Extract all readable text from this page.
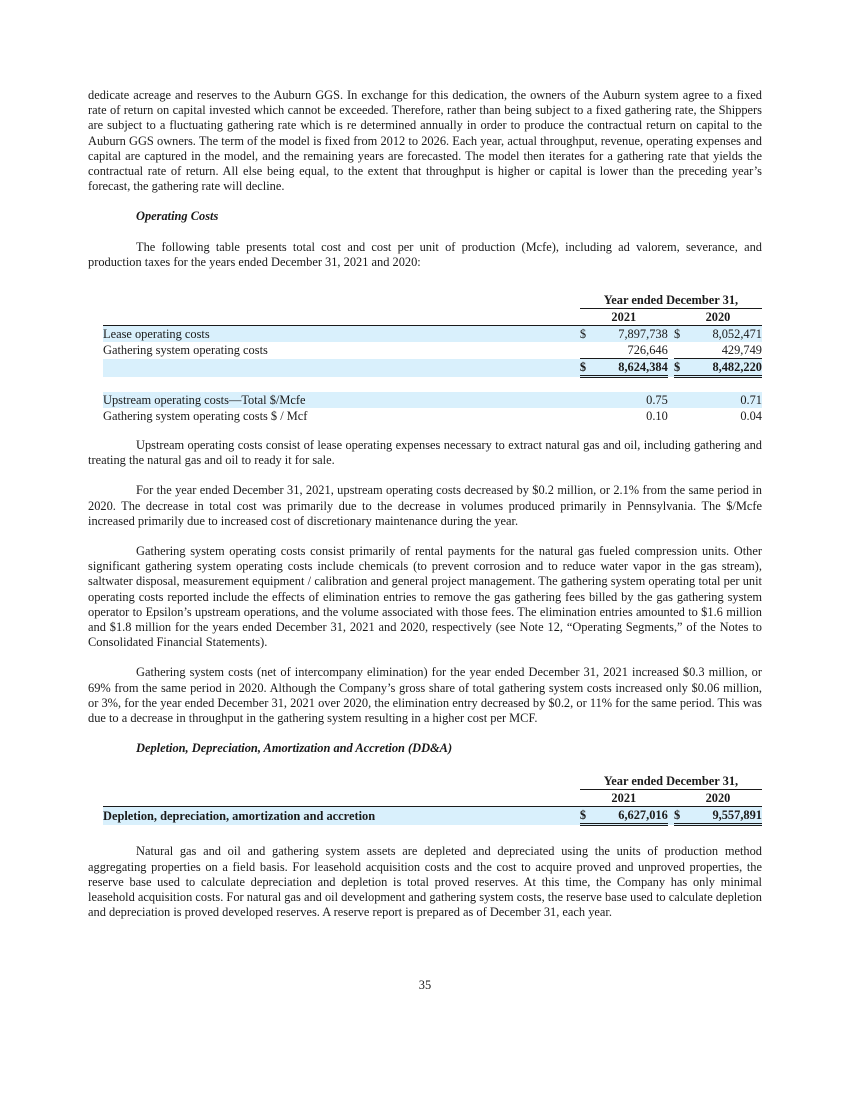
dedicate acreage and reserves to the Auburn GGS. In exchange for this dedication, the owners of the Auburn system agree to a fixed rate of return on capital invested which cannot be exceeded. Therefore, rather than being subject to a fixed gathering rate, the Shippers are subject to a fluctuating gathering rate which is re determined annually in order to produce the contractual return on capital to the Auburn GGS owners. The term of the model is fixed from 2012 to 2026. Each year, actual throughput, revenue, operating expenses and capital are captured in the model, and the remaining years are forecasted. The model then iterates for a gathering rate that yields the contractual rate of return. All else being equal, to the extent that throughput is higher or capital is lower than the preceding year’s forecast, the gathering rate will decline.

Operating Costs

The following table presents total cost and cost per unit of production (Mcfe), including ad valorem, severance, and production taxes for the years ended December 31, 2021 and 2020:

		Year ended December 31,				
		2021			2020	
Lease operating costs		$	7,897,738		$	8,052,471
Gathering system operating costs			726,646			429,749
		$	8,624,384		$	8,482,220

Upstream operating costs—Total $/Mcfe			0.75			0.71
Gathering system operating costs $ / Mcf			0.10			0.04

Upstream operating costs consist of lease operating expenses necessary to extract natural gas and oil, including gathering and treating the natural gas and oil to ready it for sale.

For the year ended December 31, 2021, upstream operating costs decreased by $0.2 million, or 2.1% from the same period in 2020. The decrease in total cost was primarily due to the decrease in volumes produced primarily in Pennsylvania. The $/Mcfe increased primarily due to increased cost of discretionary maintenance during the year.

Gathering system operating costs consist primarily of rental payments for the natural gas fueled compression units. Other significant gathering system operating costs include chemicals (to prevent corrosion and to reduce water vapor in the gas stream), saltwater disposal, measurement equipment / calibration and general project management. The gathering system operating total per unit operating costs reported include the effects of elimination entries to remove the gas gathering fees billed by the gas gathering system operator to Epsilon’s upstream operations, and the volume associated with those fees. The elimination entries amounted to $1.6 million and $1.8 million for the years ended December 31, 2021 and 2020, respectively (see Note 12, “Operating Segments,” of the Notes to Consolidated Financial Statements).

Gathering system costs (net of intercompany elimination) for the year ended December 31, 2021 increased $0.3 million, or 69% from the same period in 2020. Although the Company’s gross share of total gathering system costs increased only $0.06 million, or 3%, for the year ended December 31, 2021 over 2020, the elimination entry decreased by $0.2, or 11% for the same period. This was due to a decrease in throughput in the gathering system resulting in a higher cost per MCF.

Depletion, Depreciation, Amortization and Accretion (DD&A)

		Year ended December 31,				
		2021			2020	
Depletion, depreciation, amortization and accretion		$	6,627,016		$	9,557,891

Natural gas and oil and gathering system assets are depleted and depreciated using the units of production method aggregating properties on a field basis. For leasehold acquisition costs and the cost to acquire proved and unproved properties, the reserve base used to calculate depreciation and depletion is total proved reserves. At this time, the Company has only minimal leasehold acquisition costs. For natural gas and oil development and gathering system costs, the reserve base used to calculate depletion and depreciation is proved developed reserves. A reserve report is prepared as of December 31, each year.

35
